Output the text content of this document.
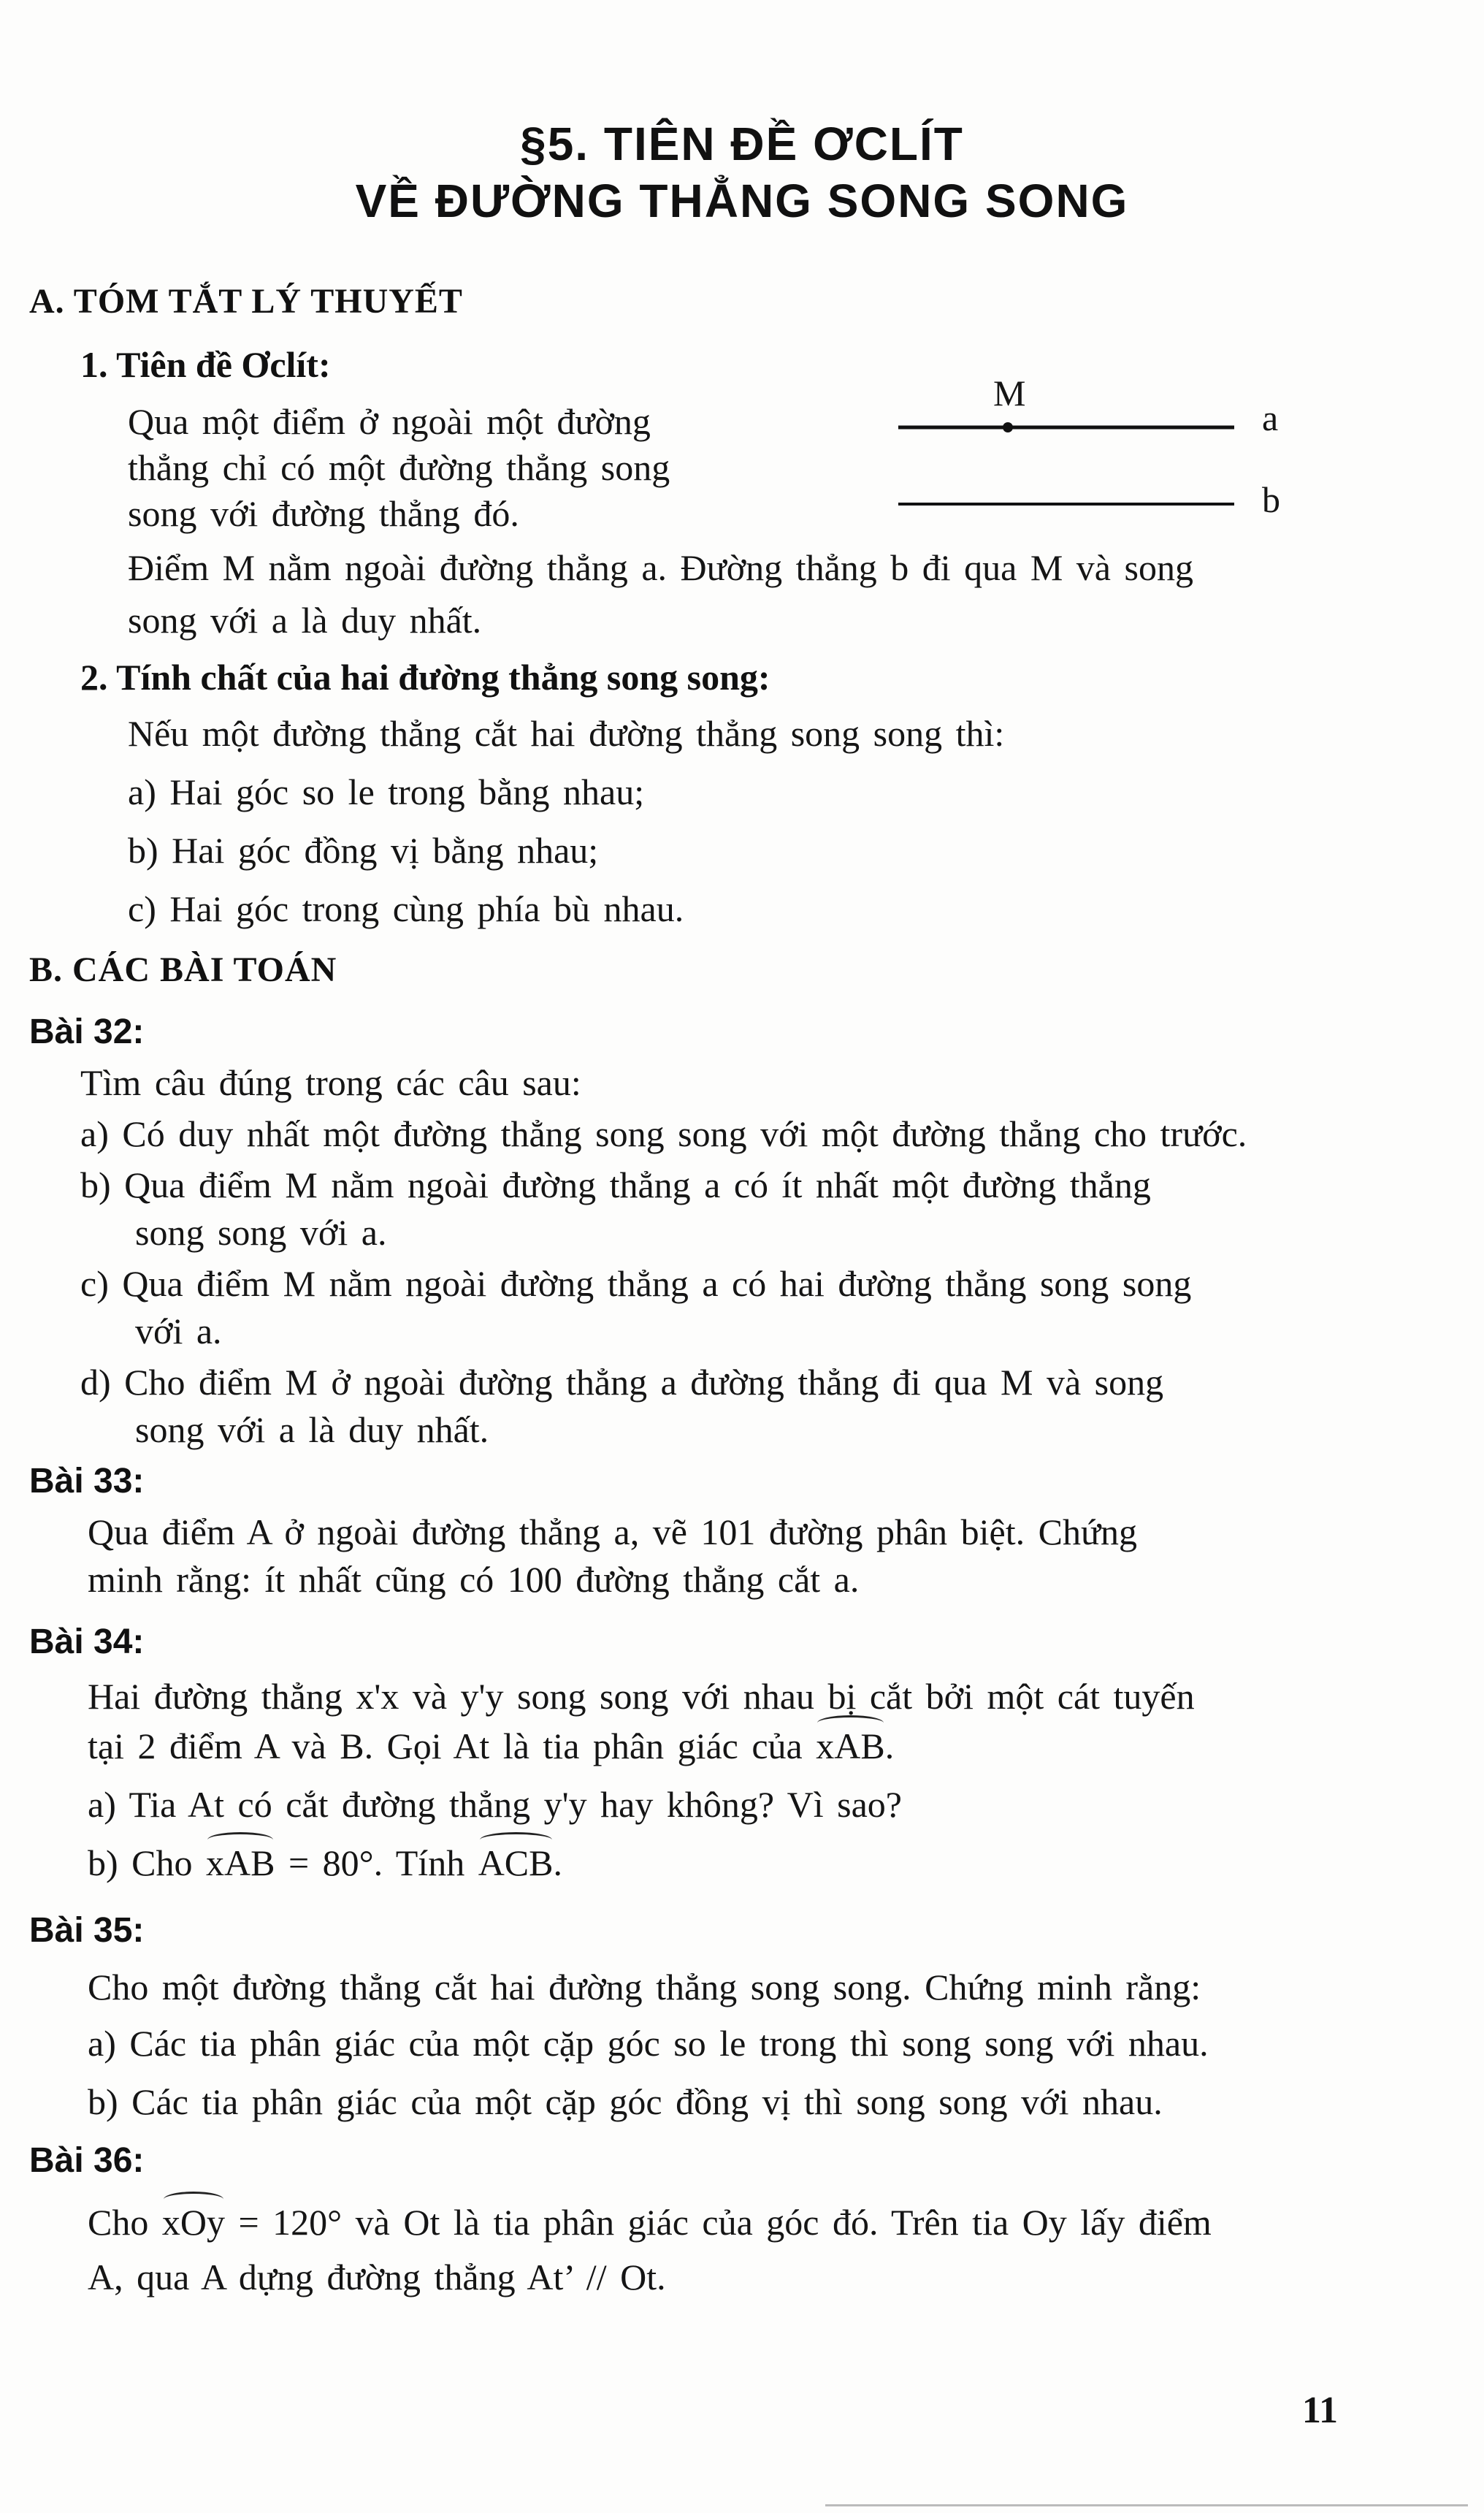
§5. TIÊN ĐỀ ƠCLÍT
VỀ ĐƯỜNG THẲNG SONG SONG
A. TÓM TẮT LÝ THUYẾT
1. Tiên đề Ơclít:
Qua một điểm ở ngoài một đường
thẳng chỉ có một đường thẳng song
song với đường thẳng đó.
M
a
b
Điểm M nằm ngoài đường thẳng a. Đường thẳng b đi qua M và song
song với a là duy nhất.
2. Tính chất của hai đường thẳng song song:
Nếu một đường thẳng cắt hai đường thẳng song song thì:
a) Hai góc so le trong bằng nhau;
b) Hai góc đồng vị bằng nhau;
c) Hai góc trong cùng phía bù nhau.
B. CÁC BÀI TOÁN
Bài 32:
Tìm câu đúng trong các câu sau:
a) Có duy nhất một đường thẳng song song với một đường thẳng cho trước.
b) Qua điểm M nằm ngoài đường thẳng a có ít nhất một đường thẳng
song song với a.
c) Qua điểm M nằm ngoài đường thẳng a có hai đường thẳng song song
với a.
d) Cho điểm M ở ngoài đường thẳng a đường thẳng đi qua M và song
song với a là duy nhất.
Bài 33:
Qua điểm A ở ngoài đường thẳng a, vẽ 101 đường phân biệt. Chứng
minh rằng: ít nhất cũng có 100 đường thẳng cắt a.
Bài 34:
Hai đường thẳng x'x và y'y song song với nhau bị cắt bởi một cát tuyến
tại 2 điểm A và B. Gọi At là tia phân giác của xAB.
a) Tia At có cắt đường thẳng y'y hay không? Vì sao?
b) Cho xAB = 80°. Tính ACB.
Bài 35:
Cho một đường thẳng cắt hai đường thẳng song song. Chứng minh rằng:
a) Các tia phân giác của một cặp góc so le trong thì song song với nhau.
b) Các tia phân giác của một cặp góc đồng vị thì song song với nhau.
Bài 36:
Cho xOy = 120° và Ot là tia phân giác của góc đó. Trên tia Oy lấy điểm
A, qua A dựng đường thẳng At’ // Ot.
11
